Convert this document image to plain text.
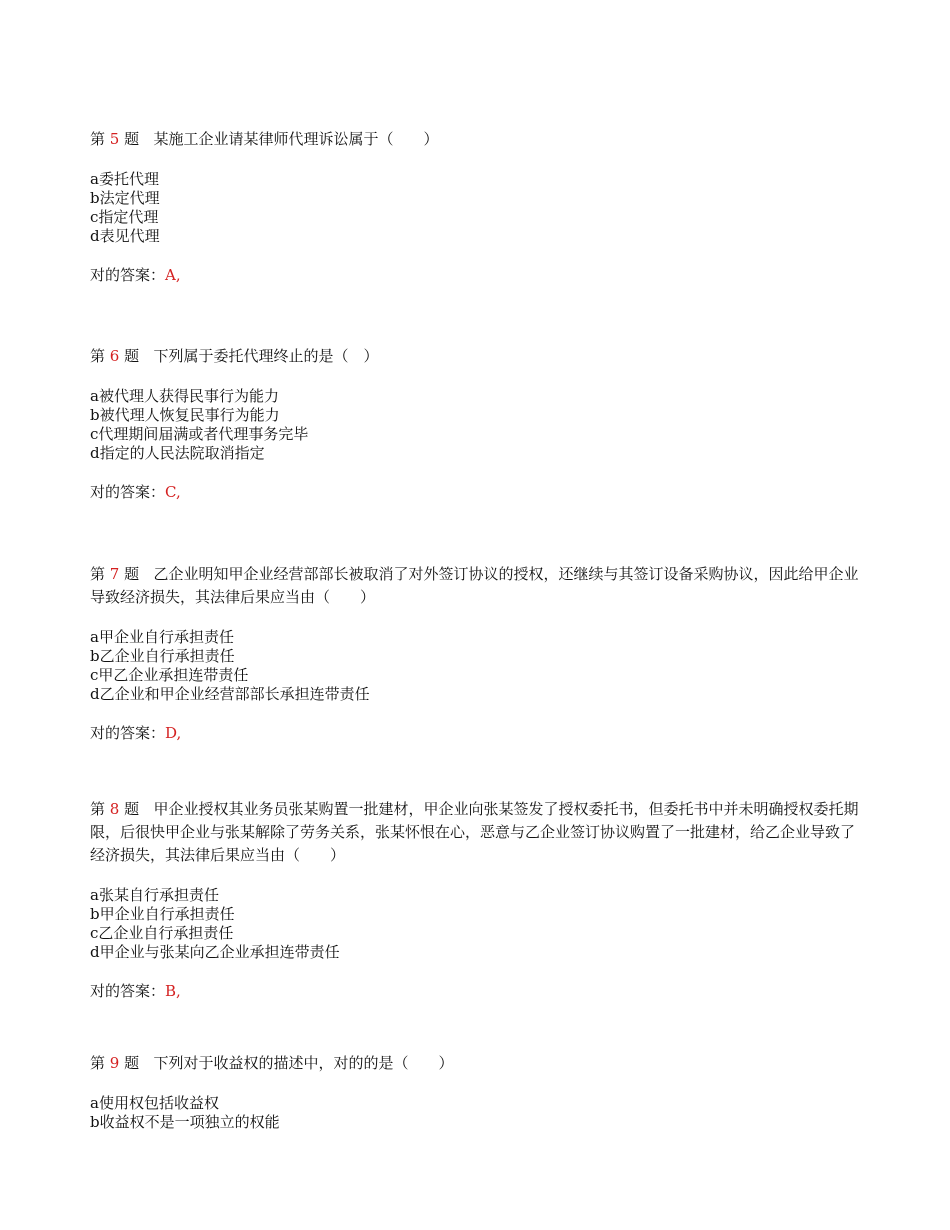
第 5 题 某施工企业请某律师代理诉讼属于（　　）

a委托代理
b法定代理
c指定代理
d表见代理
对的答案：A,

第 6 题 下列属于委托代理终止的是（　）

a被代理人获得民事行为能力
b被代理人恢复民事行为能力
c代理期间届满或者代理事务完毕
d指定的人民法院取消指定
对的答案：C,

第 7 题 乙企业明知甲企业经营部部长被取消了对外签订协议的授权，还继续与其签订设备采购协议，因此给甲企业导致经济损失，其法律后果应当由（　　）

a甲企业自行承担责任
b乙企业自行承担责任
c甲乙企业承担连带责任
d乙企业和甲企业经营部部长承担连带责任
对的答案：D,

第 8 题 甲企业授权其业务员张某购置一批建材，甲企业向张某签发了授权委托书，但委托书中并未明确授权委托期限，后很快甲企业与张某解除了劳务关系，张某怀恨在心，恶意与乙企业签订协议购置了一批建材，给乙企业导致了经济损失，其法律后果应当由（　　）

a张某自行承担责任
b甲企业自行承担责任
c乙企业自行承担责任
d甲企业与张某向乙企业承担连带责任
对的答案：B,

第 9 题 下列对于收益权的描述中，对的的是（　　）

a使用权包括收益权
b收益权不是一项独立的权能
